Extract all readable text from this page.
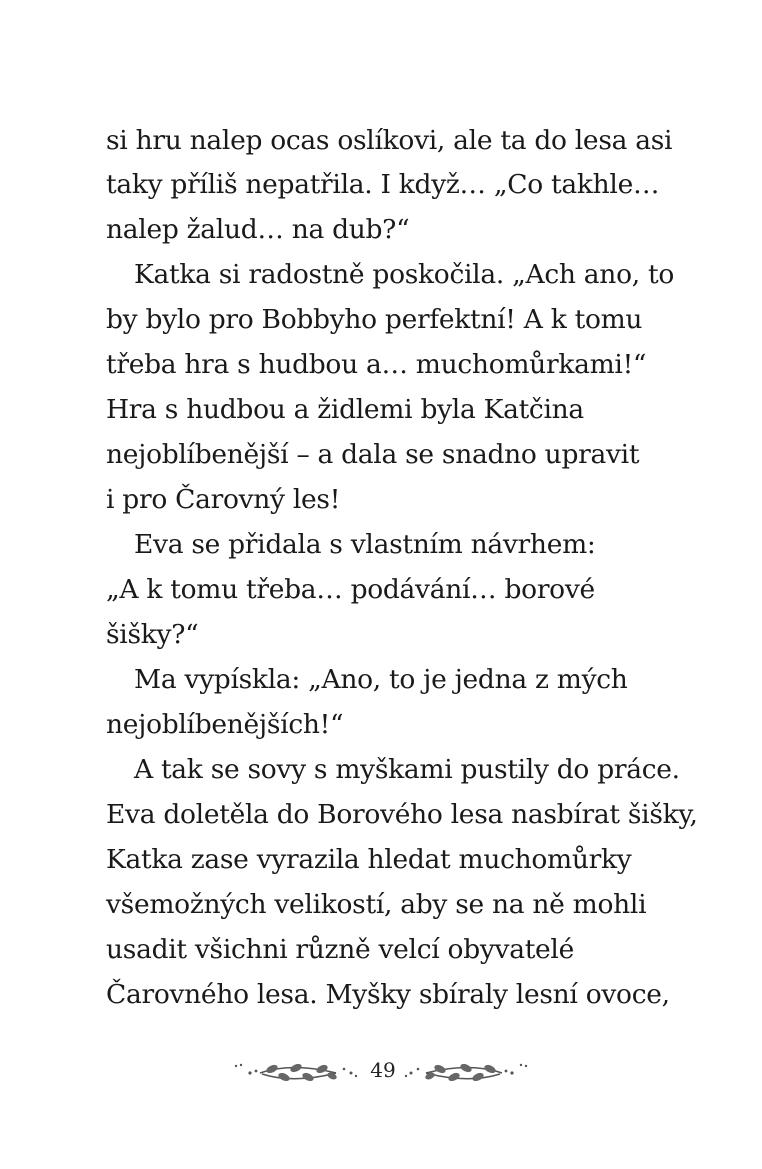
si hru nalep ocas oslíkovi, ale ta do lesa asi
taky příliš nepatřila. I když… „Co takhle…
nalep žalud… na dub?“
Katka si radostně poskočila. „Ach ano, to
by bylo pro Bobbyho perfektní! A k tomu
třeba hra s hudbou a… muchomůrkami!“
Hra s hudbou a židlemi byla Katčina
nejoblíbenější – a dala se snadno upravit
i pro Čarovný les!
Eva se přidala s vlastním návrhem:
„A k tomu třeba… podávání… borové
šišky?“
Ma vypískla: „Ano, to je jedna z mých
nejoblíbenějších!“
A tak se sovy s myškami pustily do práce.
Eva doletěla do Borového lesa nasbírat šišky,
Katka zase vyrazila hledat muchomůrky
všemožných velikostí, aby se na ně mohli
usadit všichni různě velcí obyvatelé
Čarovného lesa. Myšky sbíraly lesní ovoce,
49
